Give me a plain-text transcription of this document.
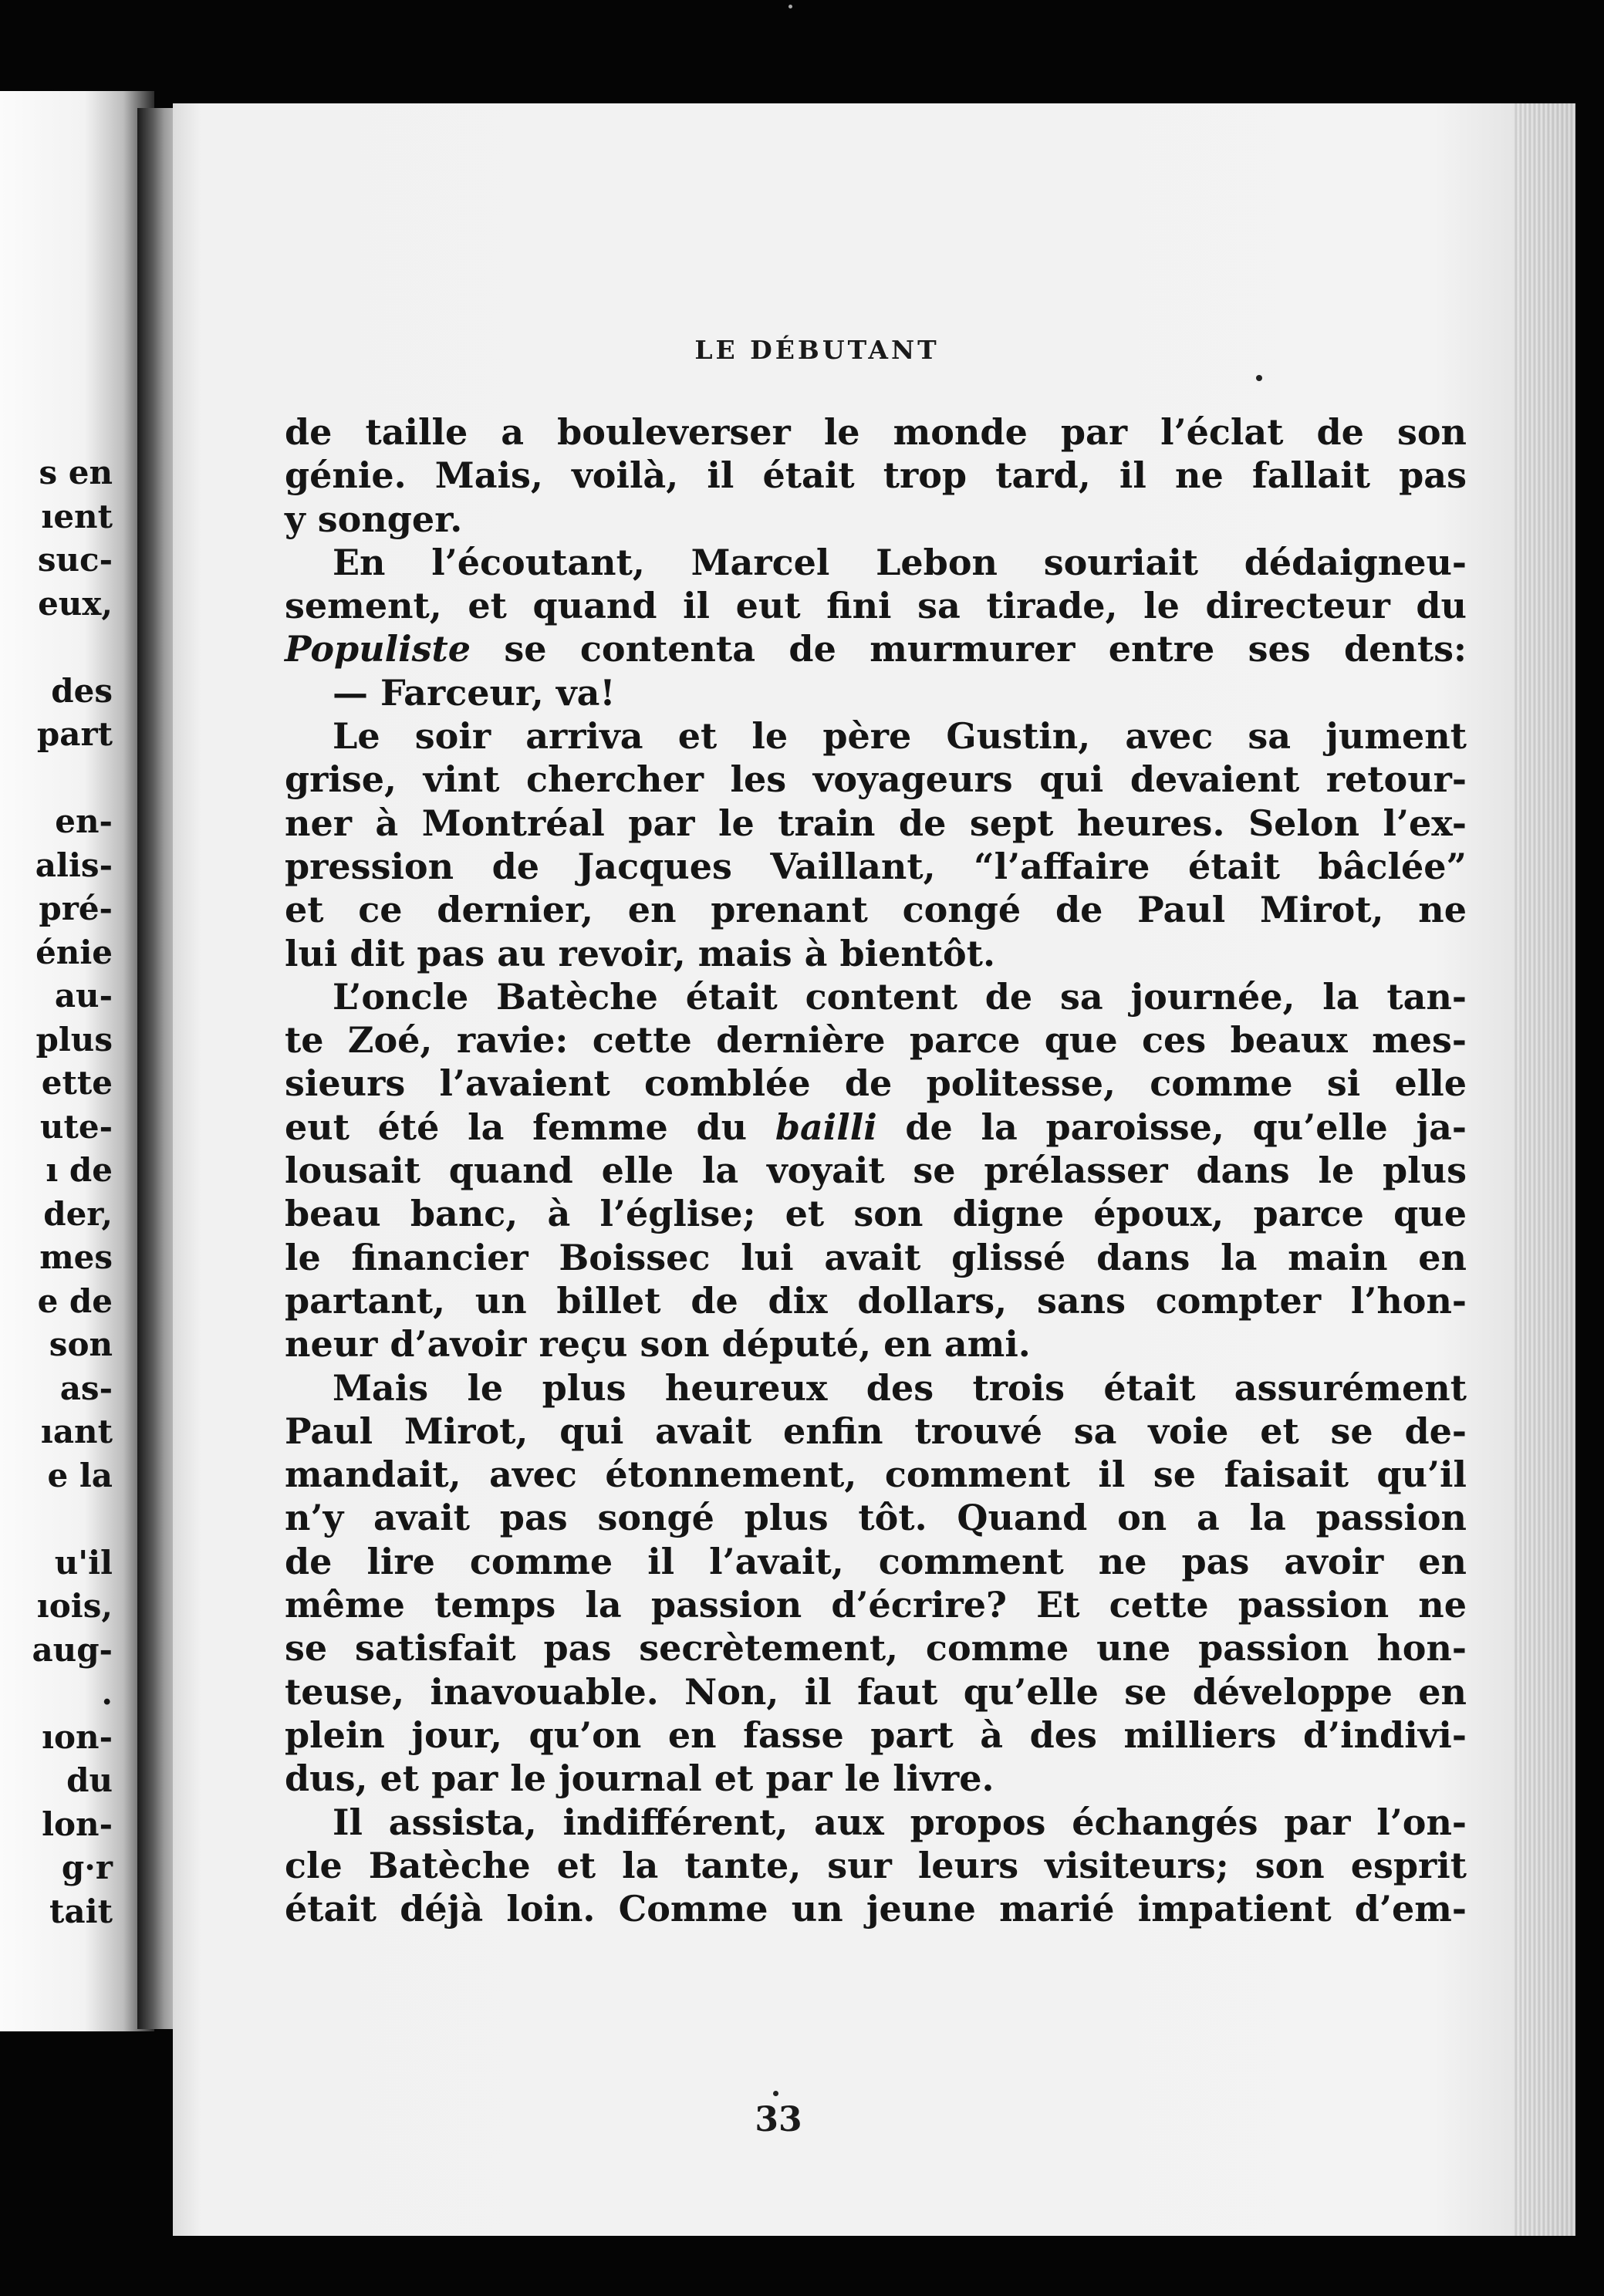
s en
ıent
suc-
eux,
des
part
en-
alis-
pré-
énie
au-
plus
ette
ute-
ı de
der,
mes
e de
son
as-
ıant
e la
u'il
ıois,
aug-
.
ıon-
du
lon-
g·r
tait
LE DÉBUTANT
de taille a bouleverser le monde par l’éclat de son
génie. Mais, voilà, il était trop tard, il ne fallait pas
y songer.
En l’écoutant, Marcel Lebon souriait dédaigneu-
sement, et quand il eut fini sa tirade, le directeur du
Populiste se contenta de murmurer entre ses dents:
— Farceur, va!
Le soir arriva et le père Gustin, avec sa jument
grise, vint chercher les voyageurs qui devaient retour-
ner à Montréal par le train de sept heures. Selon l’ex-
pression de Jacques Vaillant, “l’affaire était bâclée”
et ce dernier, en prenant congé de Paul Mirot, ne
lui dit pas au revoir, mais à bientôt.
L’oncle Batèche était content de sa journée, la tan-
te Zoé, ravie: cette dernière parce que ces beaux mes-
sieurs l’avaient comblée de politesse, comme si elle
eut été la femme du bailli de la paroisse, qu’elle ja-
lousait quand elle la voyait se prélasser dans le plus
beau banc, à l’église; et son digne époux, parce que
le financier Boissec lui avait glissé dans la main en
partant, un billet de dix dollars, sans compter l’hon-
neur d’avoir reçu son député, en ami.
Mais le plus heureux des trois était assurément
Paul Mirot, qui avait enfin trouvé sa voie et se de-
mandait, avec étonnement, comment il se faisait qu’il
n’y avait pas songé plus tôt. Quand on a la passion
de lire comme il l’avait, comment ne pas avoir en
même temps la passion d’écrire? Et cette passion ne
se satisfait pas secrètement, comme une passion hon-
teuse, inavouable. Non, il faut qu’elle se développe en
plein jour, qu’on en fasse part à des milliers d’indivi-
dus, et par le journal et par le livre.
Il assista, indifférent, aux propos échangés par l’on-
cle Batèche et la tante, sur leurs visiteurs; son esprit
était déjà loin. Comme un jeune marié impatient d’em-
33
